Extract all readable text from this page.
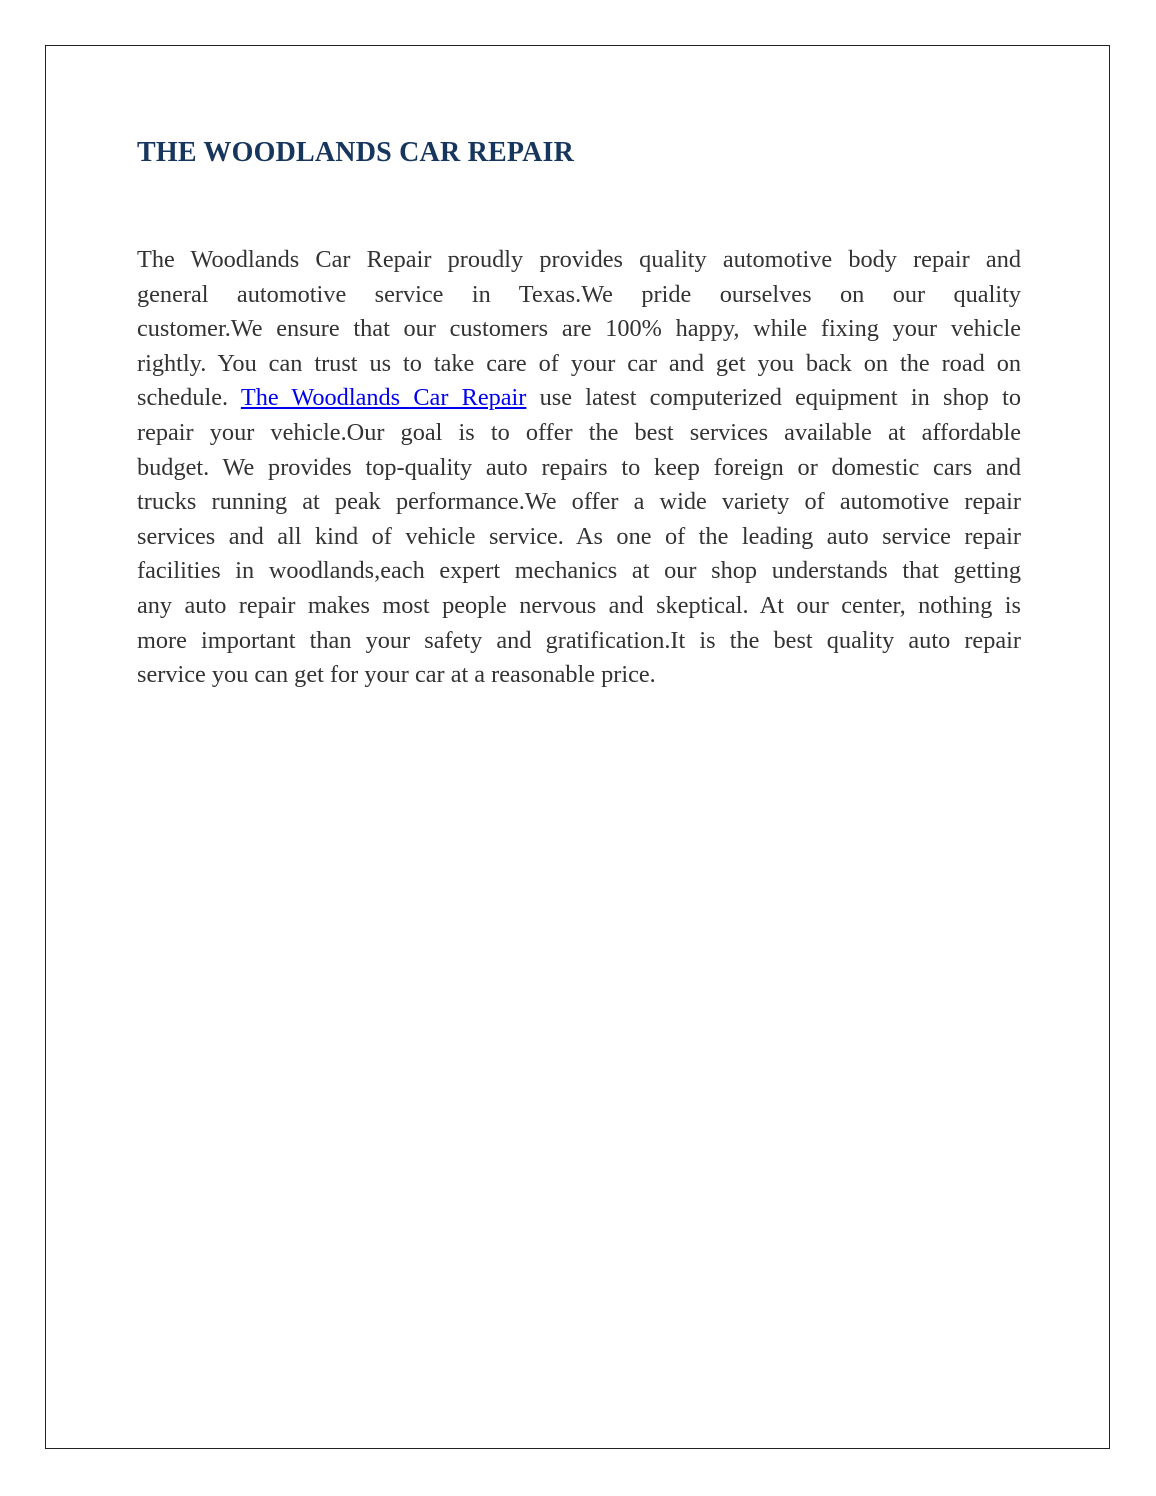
THE WOODLANDS CAR REPAIR
The Woodlands Car Repair proudly provides quality automotive body repair and
general automotive service in Texas.We pride ourselves on our quality
customer.We ensure that our customers are 100% happy, while fixing your vehicle
rightly. You can trust us to take care of your car and get you back on the road on
schedule. The Woodlands Car Repair use latest computerized equipment in shop to
repair your vehicle.Our goal is to offer the best services available at affordable
budget. We provides top-quality auto repairs to keep foreign or domestic cars and
trucks running at peak performance.We offer a wide variety of automotive repair
services and all kind of vehicle service. As one of the leading auto service repair
facilities in woodlands,each expert mechanics at our shop understands that getting
any auto repair makes most people nervous and skeptical. At our center, nothing is
more important than your safety and gratification.It is the best quality auto repair
service you can get for your car at a reasonable price.
